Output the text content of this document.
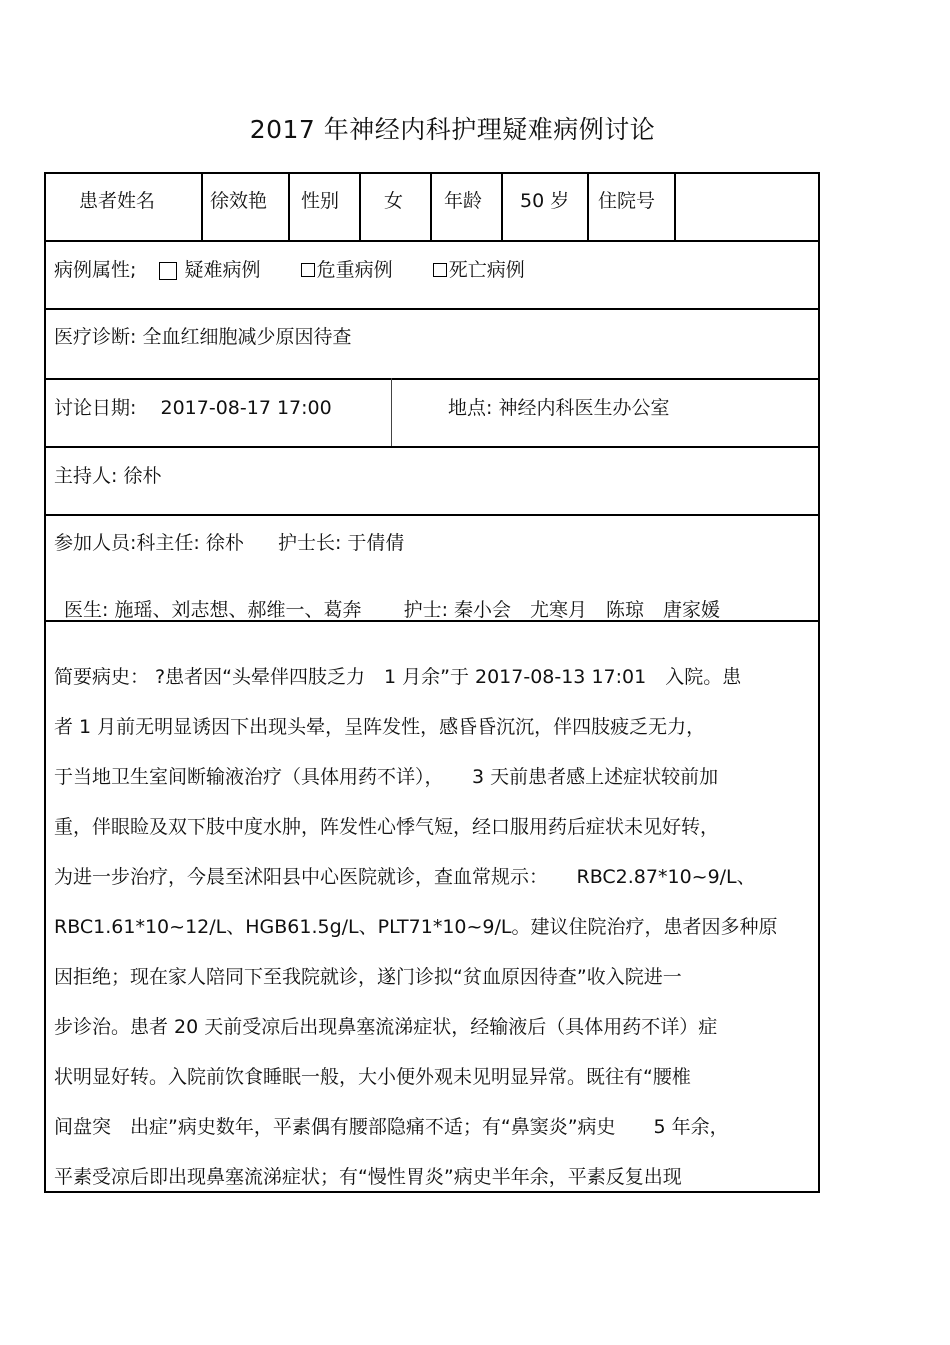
2017 年神经内科护理疑难病例讨论
患者姓名	徐效艳 性别 女 年龄 50 岁 住院号
病例属性;	疑难病例	危重病例	死亡病例
医疗诊断: 全血红细胞减少原因待查
讨论日期: 2017-08-17 17:00	地点: 神经内科医生办公室
主持人: 徐朴
参加人员:科主任: 徐朴 护士长: 于倩倩
医生: 施瑶、刘志想、郝维一、葛奔 护士: 秦小会　尤寒月　陈琼　唐家媛
简要病史： ?患者因“头晕伴四肢乏力　1 月余”于 2017-08-13 17:01　入院。患
者 1 月前无明显诱因下出现头晕，呈阵发性，感昏昏沉沉，伴四肢疲乏无力，
于当地卫生室间断输液治疗（具体用药不详），　　3 天前患者感上述症状较前加
重，伴眼睑及双下肢中度水肿，阵发性心悸气短，经口服用药后症状未见好转，
为进一步治疗，今晨至沭阳县中心医院就诊，查血常规示：　　RBC2.87*10~9/L、
RBC1.61*10~12/L、HGB61.5g/L、PLT71*10~9/L。建议住院治疗，患者因多种原
因拒绝；现在家人陪同下至我院就诊，遂门诊拟“贫血原因待查”收入院进一
步诊治。患者 20 天前受凉后出现鼻塞流涕症状，经输液后（具体用药不详）症
状明显好转。入院前饮食睡眠一般，大小便外观未见明显异常。既往有“腰椎
间盘突　出症”病史数年，平素偶有腰部隐痛不适；有“鼻窦炎”病史　　5 年余，
平素受凉后即出现鼻塞流涕症状；有“慢性胃炎”病史半年余，平素反复出现
